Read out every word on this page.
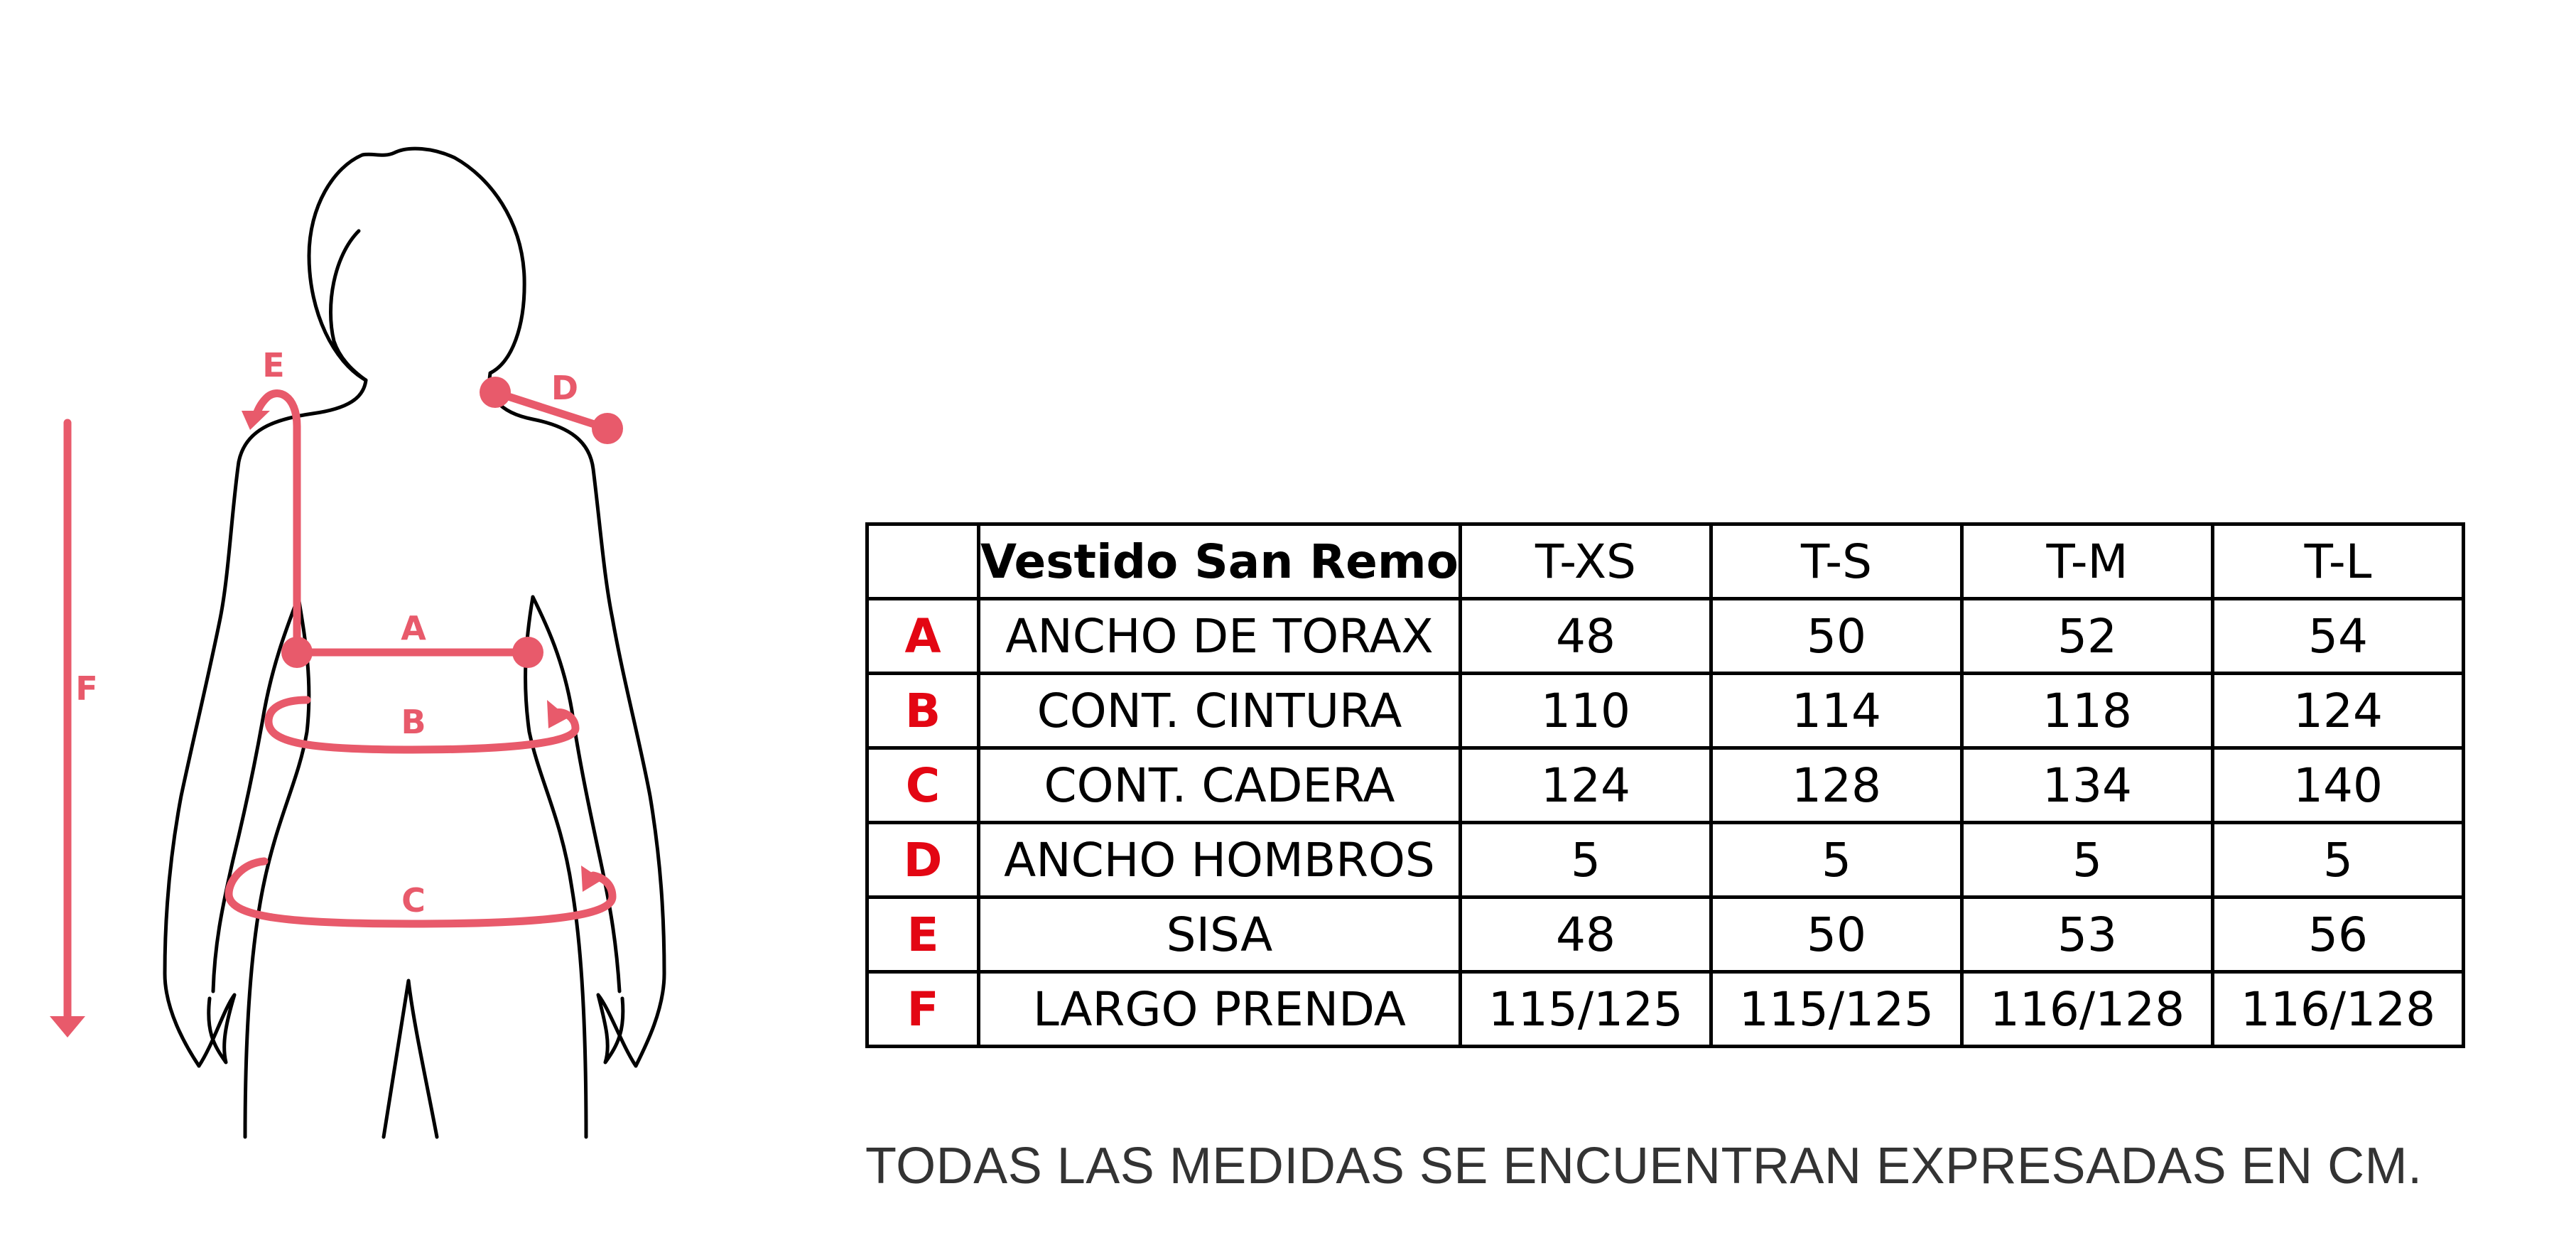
A
B
C
D
E
F
	Vestido San Remo	T-XS	T-S	T-M	T-L
A	ANCHO DE TORAX	48	50	52	54
B	CONT. CINTURA	110	114	118	124
C	CONT. CADERA	124	128	134	140
D	ANCHO HOMBROS	5	5	5	5
E	SISA	48	50	53	56
F	LARGO PRENDA	115/125	115/125	116/128	116/128
TODAS LAS MEDIDAS SE ENCUENTRAN EXPRESADAS EN CM.
